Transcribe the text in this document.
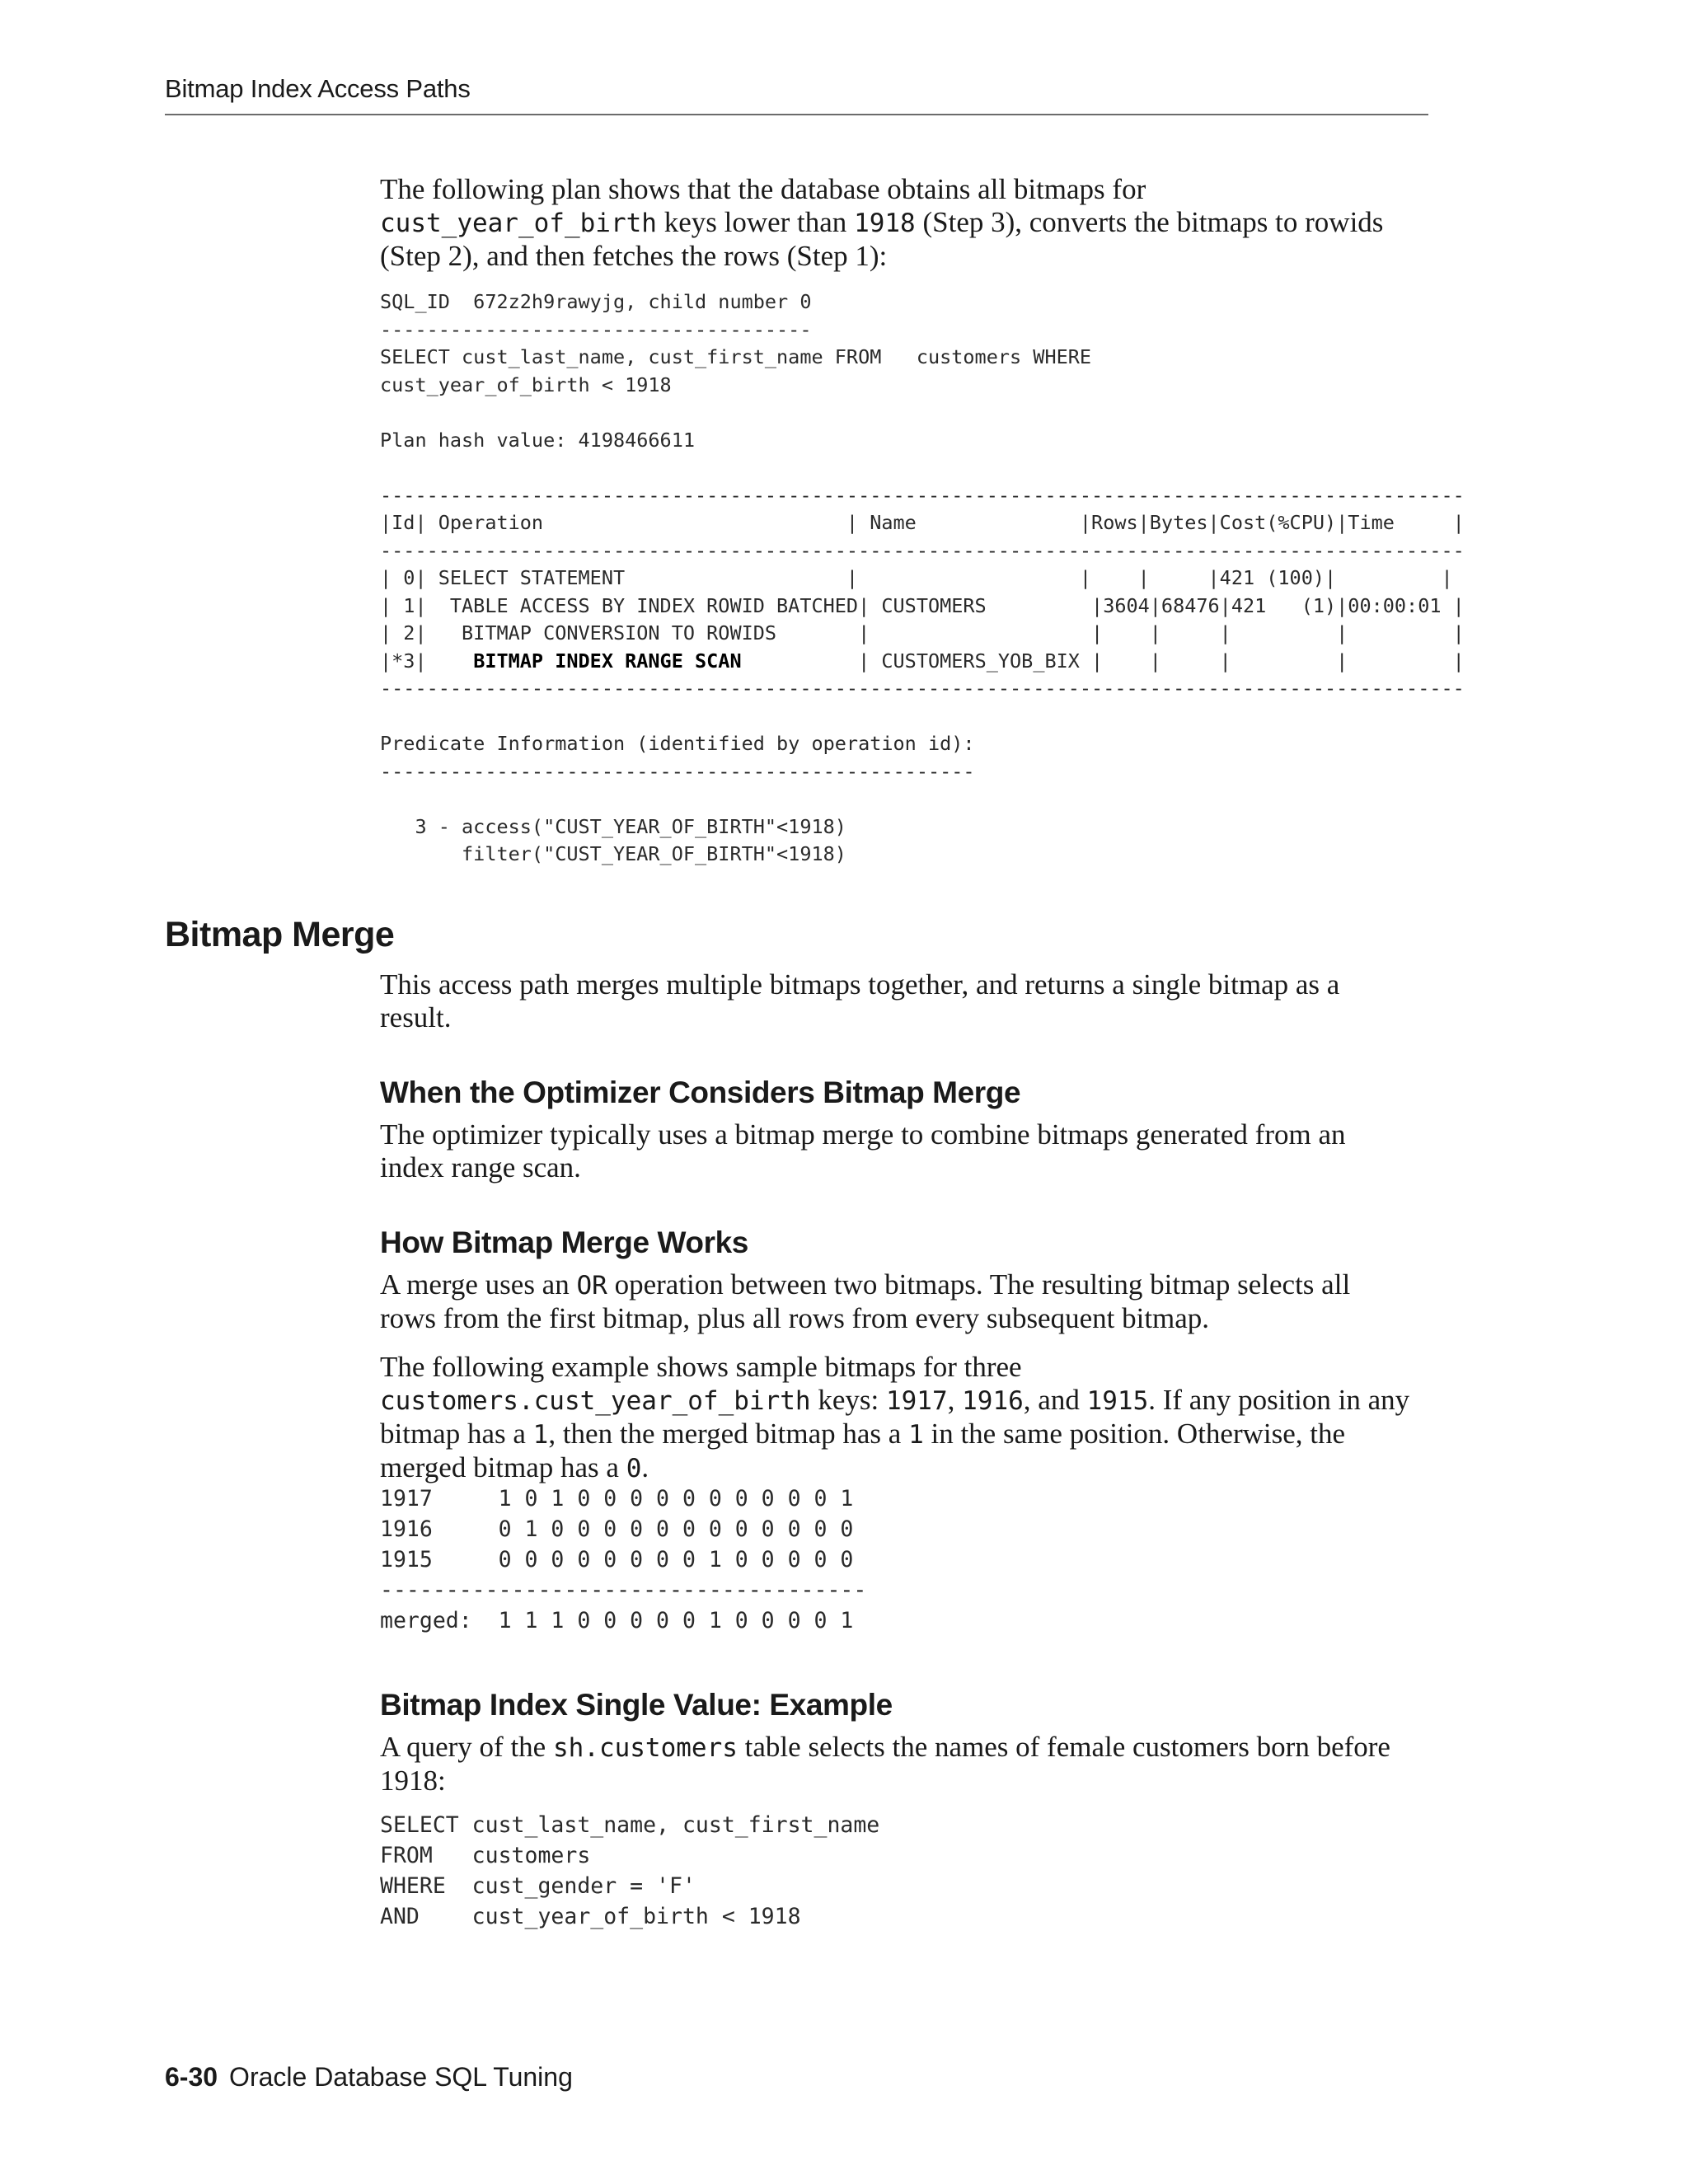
Bitmap Index Access Paths

The following plan shows that the database obtains all bitmaps for
cust_year_of_birth keys lower than 1918 (Step 3), converts the bitmaps to rowids
(Step 2), and then fetches the rows (Step 1):

SQL_ID  672z2h9rawyjg, child number 0
-------------------------------------
SELECT cust_last_name, cust_first_name FROM   customers WHERE
cust_year_of_birth < 1918

Plan hash value: 4198466611

---------------------------------------------------------------------------------------------
|Id| Operation                          | Name              |Rows|Bytes|Cost(%CPU)|Time     |
---------------------------------------------------------------------------------------------
| 0| SELECT STATEMENT                   |                   |    |     |421 (100)|         |
| 1|  TABLE ACCESS BY INDEX ROWID BATCHED| CUSTOMERS         |3604|68476|421   (1)|00:00:01 |
| 2|   BITMAP CONVERSION TO ROWIDS       |                   |    |     |         |         |
|*3|    BITMAP INDEX RANGE SCAN          | CUSTOMERS_YOB_BIX |    |     |         |         |
---------------------------------------------------------------------------------------------

Predicate Information (identified by operation id):
---------------------------------------------------

3 - access("CUST_YEAR_OF_BIRTH"<1918)
filter("CUST_YEAR_OF_BIRTH"<1918)
Bitmap Merge

This access path merges multiple bitmaps together, and returns a single bitmap as a
result.

When the Optimizer Considers Bitmap Merge

The optimizer typically uses a bitmap merge to combine bitmaps generated from an
index range scan.

How Bitmap Merge Works

A merge uses an OR operation between two bitmaps. The resulting bitmap selects all
rows from the first bitmap, plus all rows from every subsequent bitmap.

The following example shows sample bitmaps for three
customers.cust_year_of_birth keys: 1917, 1916, and 1915. If any position in any
bitmap has a 1, then the merged bitmap has a 1 in the same position. Otherwise, the
merged bitmap has a 0.

1917     1 0 1 0 0 0 0 0 0 0 0 0 0 1
1916     0 1 0 0 0 0 0 0 0 0 0 0 0 0
1915     0 0 0 0 0 0 0 0 1 0 0 0 0 0
-------------------------------------
merged:  1 1 1 0 0 0 0 0 1 0 0 0 0 1
Bitmap Index Single Value: Example

A query of the sh.customers table selects the names of female customers born before
1918:

SELECT cust_last_name, cust_first_name
FROM   customers
WHERE  cust_gender = 'F'
AND    cust_year_of_birth < 1918
6-30 Oracle Database SQL Tuning
